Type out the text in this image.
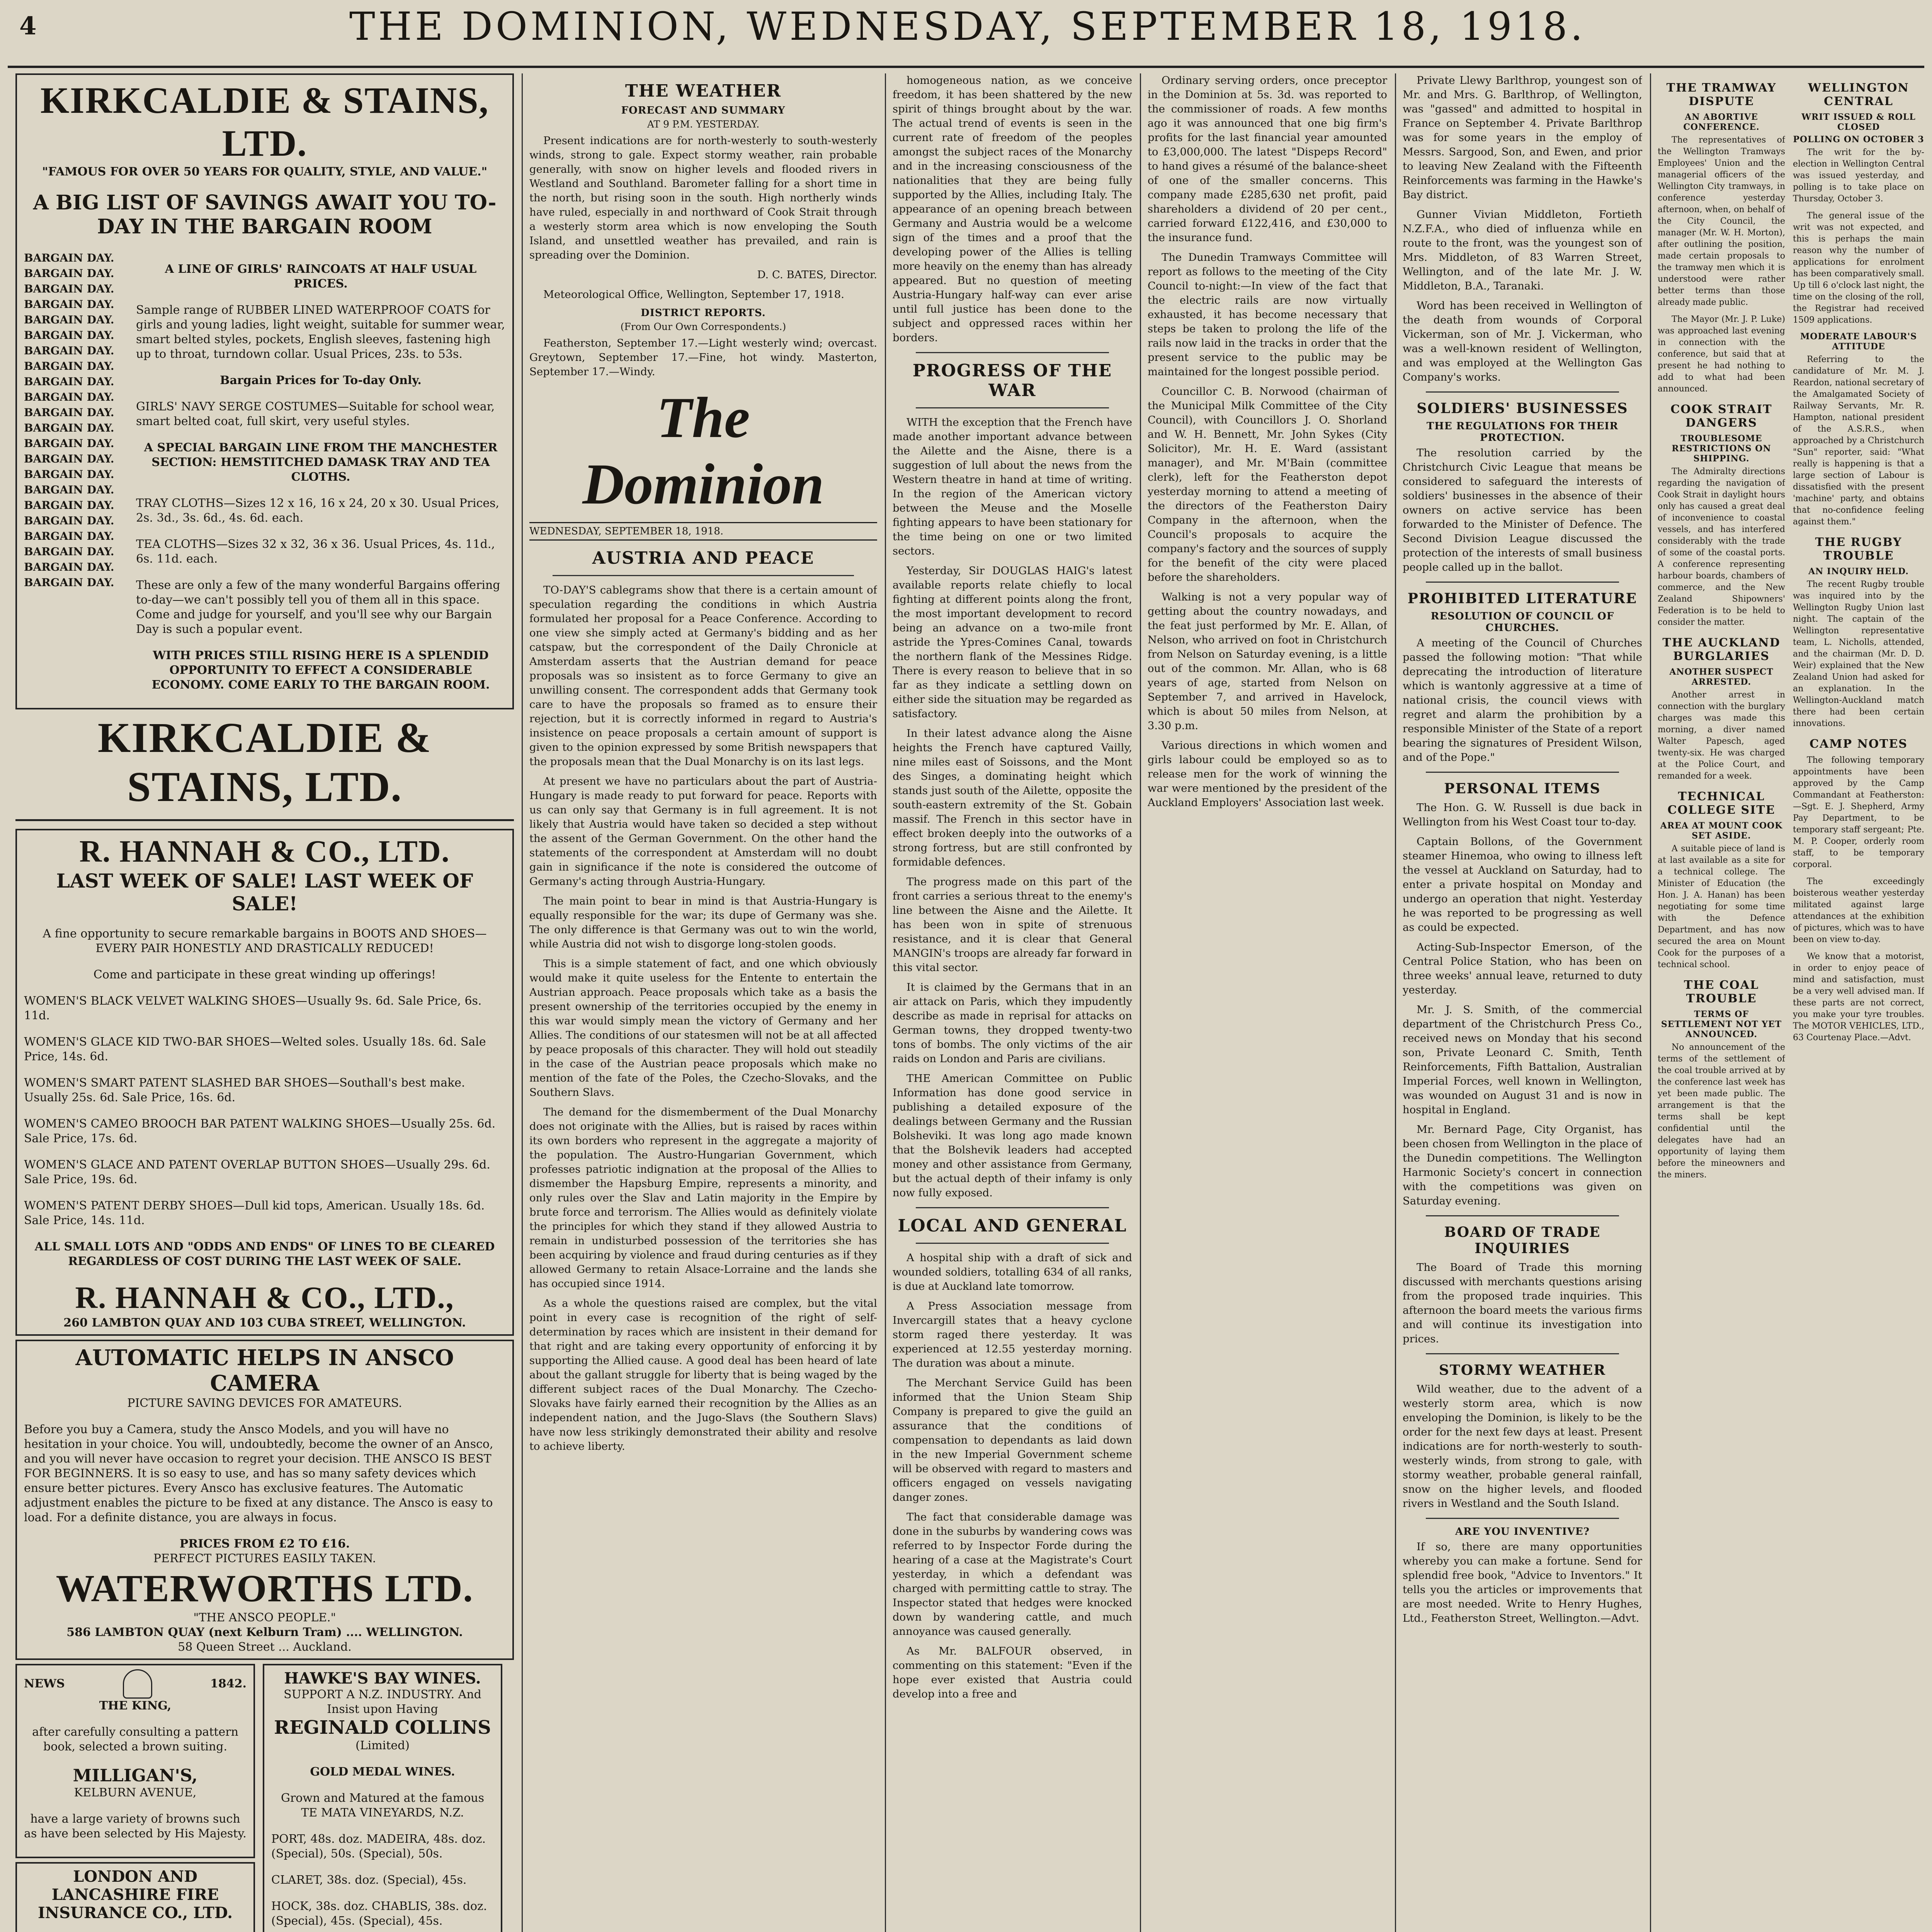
4	THE DOMINION, WEDNESDAY, SEPTEMBER 18, 1918.
KIRKCALDIE & STAINS, LTD.
"FAMOUS FOR OVER 50 YEARS FOR QUALITY, STYLE, AND VALUE."
A BIG LIST OF SAVINGS AWAIT YOU TO-DAY IN THE BARGAIN ROOM
BARGAIN DAY.
BARGAIN DAY.
BARGAIN DAY.
BARGAIN DAY.
BARGAIN DAY.
BARGAIN DAY.
BARGAIN DAY.
BARGAIN DAY.
BARGAIN DAY.
BARGAIN DAY.
BARGAIN DAY.
BARGAIN DAY.
BARGAIN DAY.
BARGAIN DAY.
BARGAIN DAY.
BARGAIN DAY.
BARGAIN DAY.
BARGAIN DAY.
BARGAIN DAY.
BARGAIN DAY.
BARGAIN DAY.
BARGAIN DAY.

A LINE OF GIRLS' RAINCOATS AT HALF USUAL PRICES.

Sample range of RUBBER LINED WATERPROOF COATS for girls and young ladies, light weight, suitable for summer wear, smart belted styles, pockets, English sleeves, fastening high up to throat, turndown collar. Usual Prices, 23s. to 53s.

Bargain Prices for To-day Only.

GIRLS' NAVY SERGE COSTUMES—Suitable for school wear, smart belted coat, full skirt, very useful styles.

A SPECIAL BARGAIN LINE FROM THE MANCHESTER SECTION: HEMSTITCHED DAMASK TRAY AND TEA CLOTHS.

TRAY CLOTHS—Sizes 12 x 16, 16 x 24, 20 x 30. Usual Prices, 2s. 3d., 3s. 6d., 4s. 6d. each.

TEA CLOTHS—Sizes 32 x 32, 36 x 36. Usual Prices, 4s. 11d., 6s. 11d. each.

These are only a few of the many wonderful Bargains offering to-day—we can't possibly tell you of them all in this space. Come and judge for yourself, and you'll see why our Bargain Day is such a popular event.

WITH PRICES STILL RISING HERE IS A SPLENDID OPPORTUNITY TO EFFECT A CONSIDERABLE ECONOMY. COME EARLY TO THE BARGAIN ROOM.

KIRKCALDIE & STAINS, LTD.
R. HANNAH & CO., LTD.
LAST WEEK OF SALE! LAST WEEK OF SALE!

A fine opportunity to secure remarkable bargains in BOOTS AND SHOES—EVERY PAIR HONESTLY AND DRASTICALLY REDUCED!

Come and participate in these great winding up offerings!

WOMEN'S BLACK VELVET WALKING SHOES—Usually 9s. 6d. Sale Price, 6s. 11d.

WOMEN'S GLACE KID TWO-BAR SHOES—Welted soles. Usually 18s. 6d. Sale Price, 14s. 6d.

WOMEN'S SMART PATENT SLASHED BAR SHOES—Southall's best make. Usually 25s. 6d. Sale Price, 16s. 6d.

WOMEN'S CAMEO BROOCH BAR PATENT WALKING SHOES—Usually 25s. 6d. Sale Price, 17s. 6d.

WOMEN'S GLACE AND PATENT OVERLAP BUTTON SHOES—Usually 29s. 6d. Sale Price, 19s. 6d.

WOMEN'S PATENT DERBY SHOES—Dull kid tops, American. Usually 18s. 6d. Sale Price, 14s. 11d.

ALL SMALL LOTS AND "ODDS AND ENDS" OF LINES TO BE CLEARED REGARDLESS OF COST DURING THE LAST WEEK OF SALE.

R. HANNAH & CO., LTD.,
260 LAMBTON QUAY AND 103 CUBA STREET, WELLINGTON.
AUTOMATIC HELPS IN ANSCO CAMERA
PICTURE SAVING DEVICES FOR AMATEURS.

Before you buy a Camera, study the Ansco Models, and you will have no hesitation in your choice. You will, undoubtedly, become the owner of an Ansco, and you will never have occasion to regret your decision. THE ANSCO IS BEST FOR BEGINNERS. It is so easy to use, and has so many safety devices which ensure better pictures. Every Ansco has exclusive features. The Automatic adjustment enables the picture to be fixed at any distance. The Ansco is easy to load. For a definite distance, you are always in focus.

PRICES FROM £2 TO £16.
PERFECT PICTURES EASILY TAKEN.
WATERWORTHS LTD.
"THE ANSCO PEOPLE."
586 LAMBTON QUAY (next Kelburn Tram) .... WELLINGTON.
58 Queen Street ... Auckland.
NEWS	1842.
THE KING,

after carefully consulting a pattern book, selected a brown suiting.

MILLIGAN'S,
KELBURN AVENUE,

have a large variety of browns such as have been selected by His Majesty.

LONDON AND LANCASHIRE FIRE INSURANCE CO., LTD.

HAWKE'S BAY WINES.
SUPPORT A N.Z. INDUSTRY. And Insist upon Having
REGINALD COLLINS
(Limited)

GOLD MEDAL WINES.

Grown and Matured at the famous TE MATA VINEYARDS, N.Z.

PORT, 48s. doz. MADEIRA, 48s. doz. (Special), 50s. (Special), 50s.

CLARET, 38s. doz. (Special), 45s.

HOCK, 38s. doz. CHABLIS, 38s. doz. (Special), 45s. (Special), 45s.

THE WEATHER
FORECAST AND SUMMARY
AT 9 P.M. YESTERDAY.

Present indications are for north-westerly to south-westerly winds, strong to gale. Expect stormy weather, rain probable generally, with snow on higher levels and flooded rivers in Westland and Southland. Barometer falling for a short time in the north, but rising soon in the south. High northerly winds have ruled, especially in and northward of Cook Strait through a westerly storm area which is now enveloping the South Island, and unsettled weather has prevailed, and rain is spreading over the Dominion.

D. C. BATES, Director.

Meteorological Office, Wellington, September 17, 1918.

DISTRICT REPORTS.
(From Our Own Correspondents.)

Featherston, September 17.—Light westerly wind; overcast. Greytown, September 17.—Fine, hot windy. Masterton, September 17.—Windy.

The Dominion
WEDNESDAY, SEPTEMBER 18, 1918.
AUSTRIA AND PEACE

TO-DAY'S cablegrams show that there is a certain amount of speculation regarding the conditions in which Austria formulated her proposal for a Peace Conference. According to one view she simply acted at Germany's bidding and as her catspaw, but the correspondent of the Daily Chronicle at Amsterdam asserts that the Austrian demand for peace proposals was so insistent as to force Germany to give an unwilling consent. The correspondent adds that Germany took care to have the proposals so framed as to ensure their rejection, but it is correctly informed in regard to Austria's insistence on peace proposals a certain amount of support is given to the opinion expressed by some British newspapers that the proposals mean that the Dual Monarchy is on its last legs.

At present we have no particulars about the part of Austria-Hungary is made ready to put forward for peace. Reports with us can only say that Germany is in full agreement. It is not likely that Austria would have taken so decided a step without the assent of the German Government. On the other hand the statements of the correspondent at Amsterdam will no doubt gain in significance if the note is considered the outcome of Germany's acting through Austria-Hungary.

The main point to bear in mind is that Austria-Hungary is equally responsible for the war; its dupe of Germany was she. The only difference is that Germany was out to win the world, while Austria did not wish to disgorge long-stolen goods.

This is a simple statement of fact, and one which obviously would make it quite useless for the Entente to entertain the Austrian approach. Peace proposals which take as a basis the present ownership of the territories occupied by the enemy in this war would simply mean the victory of Germany and her Allies. The conditions of our statesmen will not be at all affected by peace proposals of this character. They will hold out steadily in the case of the Austrian peace proposals which make no mention of the fate of the Poles, the Czecho-Slovaks, and the Southern Slavs.

The demand for the dismemberment of the Dual Monarchy does not originate with the Allies, but is raised by races within its own borders who represent in the aggregate a majority of the population. The Austro-Hungarian Government, which professes patriotic indignation at the proposal of the Allies to dismember the Hapsburg Empire, represents a minority, and only rules over the Slav and Latin majority in the Empire by brute force and terrorism. The Allies would as definitely violate the principles for which they stand if they allowed Austria to remain in undisturbed possession of the territories she has been acquiring by violence and fraud during centuries as if they allowed Germany to retain Alsace-Lorraine and the lands she has occupied since 1914.

As a whole the questions raised are complex, but the vital point in every case is recognition of the right of self-determination by races which are insistent in their demand for that right and are taking every opportunity of enforcing it by supporting the Allied cause. A good deal has been heard of late about the gallant struggle for liberty that is being waged by the different subject races of the Dual Monarchy. The Czecho-Slovaks have fairly earned their recognition by the Allies as an independent nation, and the Jugo-Slavs (the Southern Slavs) have now less strikingly demonstrated their ability and resolve to achieve liberty.

homogeneous nation, as we conceive freedom, it has been shattered by the new spirit of things brought about by the war. The actual trend of events is seen in the current rate of freedom of the peoples amongst the subject races of the Monarchy and in the increasing consciousness of the nationalities that they are being fully supported by the Allies, including Italy. The appearance of an opening breach between Germany and Austria would be a welcome sign of the times and a proof that the developing power of the Allies is telling more heavily on the enemy than has already appeared. But no question of meeting Austria-Hungary half-way can ever arise until full justice has been done to the subject and oppressed races within her borders.

PROGRESS OF THE WAR

WITH the exception that the French have made another important advance between the Ailette and the Aisne, there is a suggestion of lull about the news from the Western theatre in hand at time of writing. In the region of the American victory between the Meuse and the Moselle fighting appears to have been stationary for the time being on one or two limited sectors.

Yesterday, Sir DOUGLAS HAIG's latest available reports relate chiefly to local fighting at different points along the front, the most important development to record being an advance on a two-mile front astride the Ypres-Comines Canal, towards the northern flank of the Messines Ridge. There is every reason to believe that in so far as they indicate a settling down on either side the situation may be regarded as satisfactory.

In their latest advance along the Aisne heights the French have captured Vailly, nine miles east of Soissons, and the Mont des Singes, a dominating height which stands just south of the Ailette, opposite the south-eastern extremity of the St. Gobain massif. The French in this sector have in effect broken deeply into the outworks of a strong fortress, but are still confronted by formidable defences.

The progress made on this part of the front carries a serious threat to the enemy's line between the Aisne and the Ailette. It has been won in spite of strenuous resistance, and it is clear that General MANGIN's troops are already far forward in this vital sector.

It is claimed by the Germans that in an air attack on Paris, which they impudently describe as made in reprisal for attacks on German towns, they dropped twenty-two tons of bombs. The only victims of the air raids on London and Paris are civilians.

THE American Committee on Public Information has done good service in publishing a detailed exposure of the dealings between Germany and the Russian Bolsheviki. It was long ago made known that the Bolshevik leaders had accepted money and other assistance from Germany, but the actual depth of their infamy is only now fully exposed.

LOCAL AND GENERAL

A hospital ship with a draft of sick and wounded soldiers, totalling 634 of all ranks, is due at Auckland late tomorrow.

A Press Association message from Invercargill states that a heavy cyclone storm raged there yesterday. It was experienced at 12.55 yesterday morning. The duration was about a minute.

The Merchant Service Guild has been informed that the Union Steam Ship Company is prepared to give the guild an assurance that the conditions of compensation to dependants as laid down in the new Imperial Government scheme will be observed with regard to masters and officers engaged on vessels navigating danger zones.

The fact that considerable damage was done in the suburbs by wandering cows was referred to by Inspector Forde during the hearing of a case at the Magistrate's Court yesterday, in which a defendant was charged with permitting cattle to stray. The Inspector stated that hedges were knocked down by wandering cattle, and much annoyance was caused generally.

As Mr. BALFOUR observed, in commenting on this statement: "Even if the hope ever existed that Austria could develop into a free and

Ordinary serving orders, once preceptor in the Dominion at 5s. 3d. was reported to the commissioner of roads. A few months ago it was announced that one big firm's profits for the last financial year amounted to £3,000,000. The latest "Dispeps Record" to hand gives a résumé of the balance-sheet of one of the smaller concerns. This company made £285,630 net profit, paid shareholders a dividend of 20 per cent., carried forward £122,416, and £30,000 to the insurance fund.

The Dunedin Tramways Committee will report as follows to the meeting of the City Council to-night:—In view of the fact that the electric rails are now virtually exhausted, it has become necessary that steps be taken to prolong the life of the rails now laid in the tracks in order that the present service to the public may be maintained for the longest possible period.

Councillor C. B. Norwood (chairman of the Municipal Milk Committee of the City Council), with Councillors J. O. Shorland and W. H. Bennett, Mr. John Sykes (City Solicitor), Mr. H. E. Ward (assistant manager), and Mr. M'Bain (committee clerk), left for the Featherston depot yesterday morning to attend a meeting of the directors of the Featherston Dairy Company in the afternoon, when the Council's proposals to acquire the company's factory and the sources of supply for the benefit of the city were placed before the shareholders.

Walking is not a very popular way of getting about the country nowadays, and the feat just performed by Mr. E. Allan, of Nelson, who arrived on foot in Christchurch from Nelson on Saturday evening, is a little out of the common. Mr. Allan, who is 68 years of age, started from Nelson on September 7, and arrived in Havelock, which is about 50 miles from Nelson, at 3.30 p.m.

Various directions in which women and girls labour could be employed so as to release men for the work of winning the war were mentioned by the president of the Auckland Employers' Association last week.

Private Llewy Barlthrop, youngest son of Mr. and Mrs. G. Barlthrop, of Wellington, was "gassed" and admitted to hospital in France on September 4. Private Barlthrop was for some years in the employ of Messrs. Sargood, Son, and Ewen, and prior to leaving New Zealand with the Fifteenth Reinforcements was farming in the Hawke's Bay district.

Gunner Vivian Middleton, Fortieth N.Z.F.A., who died of influenza while en route to the front, was the youngest son of Mrs. Middleton, of 83 Warren Street, Wellington, and of the late Mr. J. W. Middleton, B.A., Taranaki.

Word has been received in Wellington of the death from wounds of Corporal Vickerman, son of Mr. J. Vickerman, who was a well-known resident of Wellington, and was employed at the Wellington Gas Company's works.

SOLDIERS' BUSINESSES
THE REGULATIONS FOR THEIR PROTECTION.

The resolution carried by the Christchurch Civic League that means be considered to safeguard the interests of soldiers' businesses in the absence of their owners on active service has been forwarded to the Minister of Defence. The Second Division League discussed the protection of the interests of small business people called up in the ballot.

PROHIBITED LITERATURE
RESOLUTION OF COUNCIL OF CHURCHES.

A meeting of the Council of Churches passed the following motion: "That while deprecating the introduction of literature which is wantonly aggressive at a time of national crisis, the council views with regret and alarm the prohibition by a responsible Minister of the State of a report bearing the signatures of President Wilson, and of the Pope."

PERSONAL ITEMS

The Hon. G. W. Russell is due back in Wellington from his West Coast tour to-day.

Captain Bollons, of the Government steamer Hinemoa, who owing to illness left the vessel at Auckland on Saturday, had to enter a private hospital on Monday and undergo an operation that night. Yesterday he was reported to be progressing as well as could be expected.

Acting-Sub-Inspector Emerson, of the Central Police Station, who has been on three weeks' annual leave, returned to duty yesterday.

Mr. J. S. Smith, of the commercial department of the Christchurch Press Co., received news on Monday that his second son, Private Leonard C. Smith, Tenth Reinforcements, Fifth Battalion, Australian Imperial Forces, well known in Wellington, was wounded on August 31 and is now in hospital in England.

Mr. Bernard Page, City Organist, has been chosen from Wellington in the place of the Dunedin competitions. The Wellington Harmonic Society's concert in connection with the competitions was given on Saturday evening.

BOARD OF TRADE INQUIRIES

The Board of Trade this morning discussed with merchants questions arising from the proposed trade inquiries. This afternoon the board meets the various firms and will continue its investigation into prices.

STORMY WEATHER

Wild weather, due to the advent of a westerly storm area, which is now enveloping the Dominion, is likely to be the order for the next few days at least. Present indications are for north-westerly to south-westerly winds, from strong to gale, with stormy weather, probable general rainfall, snow on the higher levels, and flooded rivers in Westland and the South Island.

ARE YOU INVENTIVE?

If so, there are many opportunities whereby you can make a fortune. Send for splendid free book, "Advice to Inventors." It tells you the articles or improvements that are most needed. Write to Henry Hughes, Ltd., Featherston Street, Wellington.—Advt.

THE TRAMWAY DISPUTE
AN ABORTIVE CONFERENCE.

The representatives of the Wellington Tramways Employees' Union and the managerial officers of the Wellington City tramways, in conference yesterday afternoon, when, on behalf of the City Council, the manager (Mr. W. H. Morton), after outlining the position, made certain proposals to the tramway men which it is understood were rather better terms than those already made public.

The Mayor (Mr. J. P. Luke) was approached last evening in connection with the conference, but said that at present he had nothing to add to what had been announced.

COOK STRAIT DANGERS
TROUBLESOME RESTRICTIONS ON SHIPPING.

The Admiralty directions regarding the navigation of Cook Strait in daylight hours only has caused a great deal of inconvenience to coastal vessels, and has interfered considerably with the trade of some of the coastal ports. A conference representing harbour boards, chambers of commerce, and the New Zealand Shipowners' Federation is to be held to consider the matter.

THE AUCKLAND BURGLARIES
ANOTHER SUSPECT ARRESTED.

Another arrest in connection with the burglary charges was made this morning, a diver named Walter Papesch, aged twenty-six. He was charged at the Police Court, and remanded for a week.

TECHNICAL COLLEGE SITE
AREA AT MOUNT COOK SET ASIDE.

A suitable piece of land is at last available as a site for a technical college. The Minister of Education (the Hon. J. A. Hanan) has been negotiating for some time with the Defence Department, and has now secured the area on Mount Cook for the purposes of a technical school.

THE COAL TROUBLE
TERMS OF SETTLEMENT NOT YET ANNOUNCED.

No announcement of the terms of the settlement of the coal trouble arrived at by the conference last week has yet been made public. The arrangement is that the terms shall be kept confidential until the delegates have had an opportunity of laying them before the mineowners and the miners.

WELLINGTON CENTRAL
WRIT ISSUED & ROLL CLOSED
POLLING ON OCTOBER 3

The writ for the by-election in Wellington Central was issued yesterday, and polling is to take place on Thursday, October 3.

The general issue of the writ was not expected, and this is perhaps the main reason why the number of applications for enrolment has been comparatively small. Up till 6 o'clock last night, the time on the closing of the roll, the Registrar had received 1509 applications.

MODERATE LABOUR'S ATTITUDE

Referring to the candidature of Mr. M. J. Reardon, national secretary of the Amalgamated Society of Railway Servants, Mr. R. Hampton, national president of the A.S.R.S., when approached by a Christchurch "Sun" reporter, said: "What really is happening is that a large section of Labour is dissatisfied with the present 'machine' party, and obtains that no-confidence feeling against them."

THE RUGBY TROUBLE
AN INQUIRY HELD.

The recent Rugby trouble was inquired into by the Wellington Rugby Union last night. The captain of the Wellington representative team, L. Nicholls, attended, and the chairman (Mr. D. D. Weir) explained that the New Zealand Union had asked for an explanation. In the Wellington-Auckland match there had been certain innovations.

CAMP NOTES

The following temporary appointments have been approved by the Camp Commandant at Featherston:—Sgt. E. J. Shepherd, Army Pay Department, to be temporary staff sergeant; Pte. M. P. Cooper, orderly room staff, to be temporary corporal.

The exceedingly boisterous weather yesterday militated against large attendances at the exhibition of pictures, which was to have been on view to-day.

We know that a motorist, in order to enjoy peace of mind and satisfaction, must be a very well advised man. If these parts are not correct, you make your tyre troubles. The MOTOR VEHICLES, LTD., 63 Courtenay Place.—Advt.
